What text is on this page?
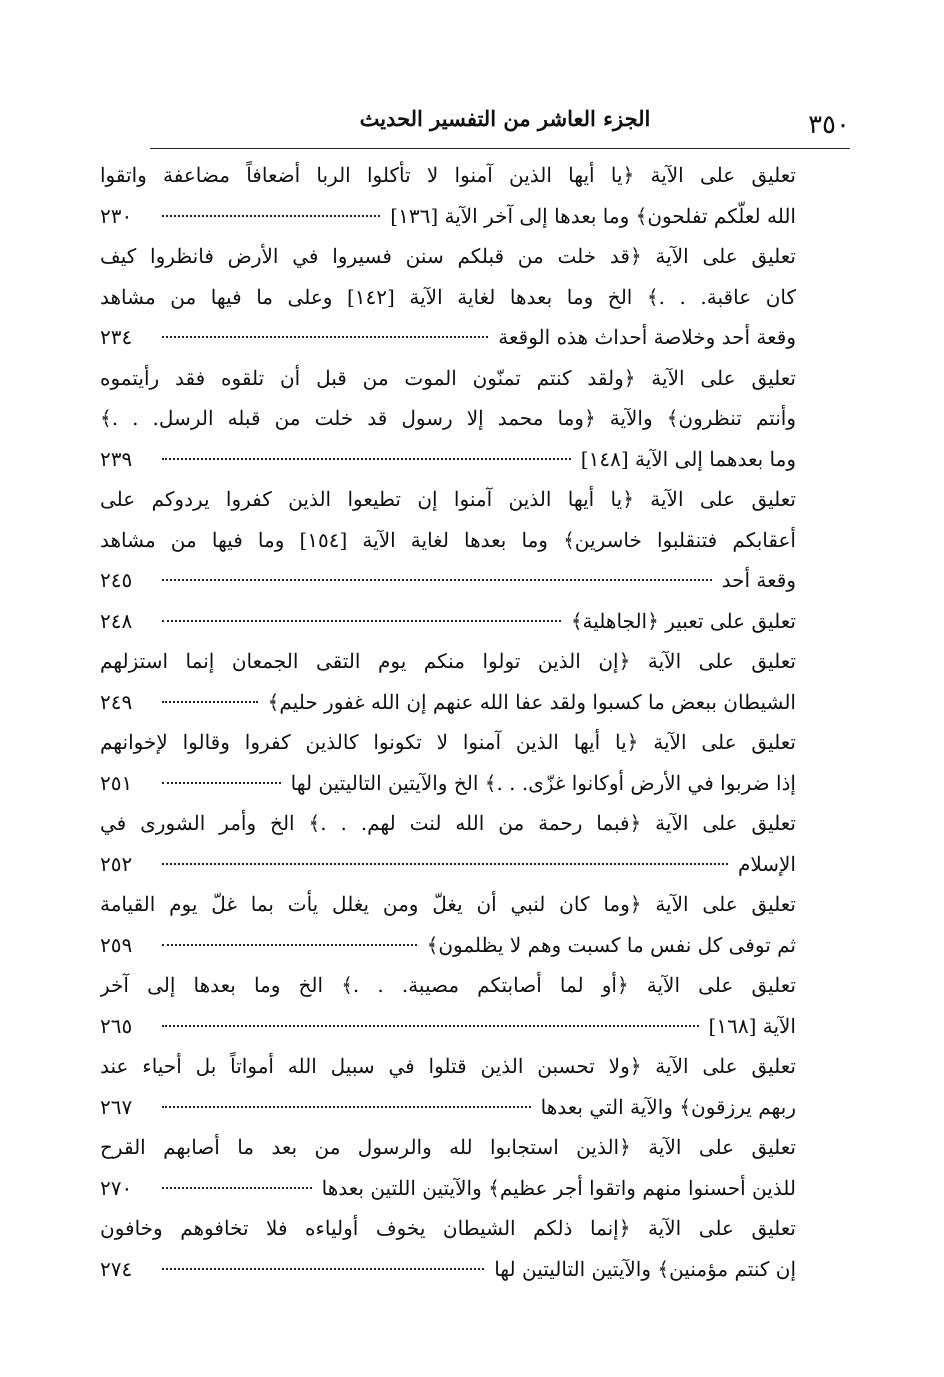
٣٥٠
الجزء العاشر من التفسير الحديث
تعليق على الآية ﴿يا أيها الذين آمنوا لا تأكلوا الربا أضعافاً مضاعفة واتقوا
الله لعلّكم تفلحون﴾ وما بعدها إلى آخر الآية [١٣٦]
٢٣٠
تعليق على الآية ﴿قد خلت من قبلكم سنن فسيروا في الأرض فانظروا كيف
كان عاقبة. . .﴾ الخ وما بعدها لغاية الآية [١٤٢] وعلى ما فيها من مشاهد
وقعة أحد وخلاصة أحداث هذه الوقعة
٢٣٤
تعليق على الآية ﴿ولقد كنتم تمنّون الموت من قبل أن تلقوه فقد رأيتموه
وأنتم تنظرون﴾ والآية ﴿وما محمد إلا رسول قد خلت من قبله الرسل. . .﴾
وما بعدهما إلى الآية [١٤٨]
٢٣٩
تعليق على الآية ﴿يا أيها الذين آمنوا إن تطيعوا الذين كفروا يردوكم على
أعقابكم فتنقلبوا خاسرين﴾ وما بعدها لغاية الآية [١٥٤] وما فيها من مشاهد
وقعة أحد
٢٤٥
تعليق على تعبير ﴿الجاهلية﴾
٢٤٨
تعليق على الآية ﴿إن الذين تولوا منكم يوم التقى الجمعان إنما استزلهم
الشيطان ببعض ما كسبوا ولقد عفا الله عنهم إن الله غفور حليم﴾
٢٤٩
تعليق على الآية ﴿يا أيها الذين آمنوا لا تكونوا كالذين كفروا وقالوا لإخوانهم
إذا ضربوا في الأرض أوكانوا غزّى. . .﴾ الخ والآيتين التاليتين لها
٢٥١
تعليق على الآية ﴿فبما رحمة من الله لنت لهم. . .﴾ الخ وأمر الشورى في
الإسلام
٢٥٢
تعليق على الآية ﴿وما كان لنبي أن يغلّ ومن يغلل يأت بما غلّ يوم القيامة
ثم توفى كل نفس ما كسبت وهم لا يظلمون﴾
٢٥٩
تعليق على الآية ﴿أو لما أصابتكم مصيبة. . .﴾ الخ وما بعدها إلى آخر
الآية [١٦٨]
٢٦٥
تعليق على الآية ﴿ولا تحسبن الذين قتلوا في سبيل الله أمواتاً بل أحياء عند
ربهم يرزقون﴾ والآية التي بعدها
٢٦٧
تعليق على الآية ﴿الذين استجابوا لله والرسول من بعد ما أصابهم القرح
للذين أحسنوا منهم واتقوا أجر عظيم﴾ والآيتين اللتين بعدها
٢٧٠
تعليق على الآية ﴿إنما ذلكم الشيطان يخوف أولياءه فلا تخافوهم وخافون
إن كنتم مؤمنين﴾ والآيتين التاليتين لها
٢٧٤
